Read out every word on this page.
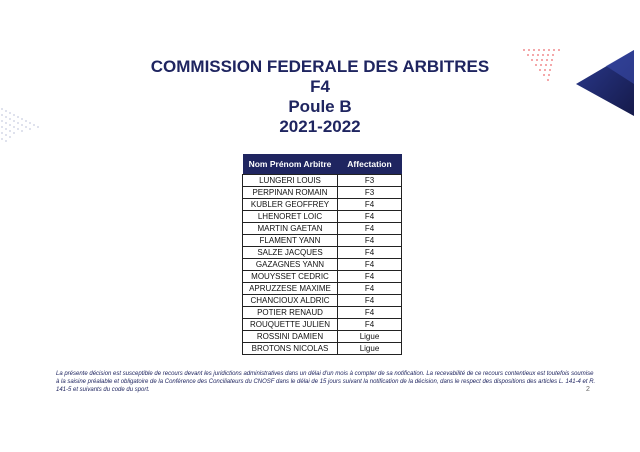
COMMISSION FEDERALE DES ARBITRES
F4
Poule B
2021-2022
Nom Prénom Arbitre	Affectation
LUNGERI LOUIS	F3
PERPINAN ROMAIN	F3
KUBLER GEOFFREY	F4
LHENORET LOIC	F4
MARTIN GAETAN	F4
FLAMENT YANN	F4
SALZE JACQUES	F4
GAZAGNES YANN	F4
MOUYSSET CEDRIC	F4
APRUZZESE MAXIME	F4
CHANCIOUX ALDRIC	F4
POTIER RENAUD	F4
ROUQUETTE JULIEN	F4
ROSSINI DAMIEN	Ligue
BROTONS NICOLAS	Ligue
La présente décision est susceptible de recours devant les juridictions administratives dans un délai d'un mois à compter de sa notification. La recevabilité de ce recours contentieux est toutefois soumise à la saisine préalable et obligatoire de la Conférence des Conciliateurs du CNOSF dans le délai de 15 jours suivant la notification de la décision, dans le respect des dispositions des articles L. 141-4 et R. 141-5 et suivants du code du sport.	2
